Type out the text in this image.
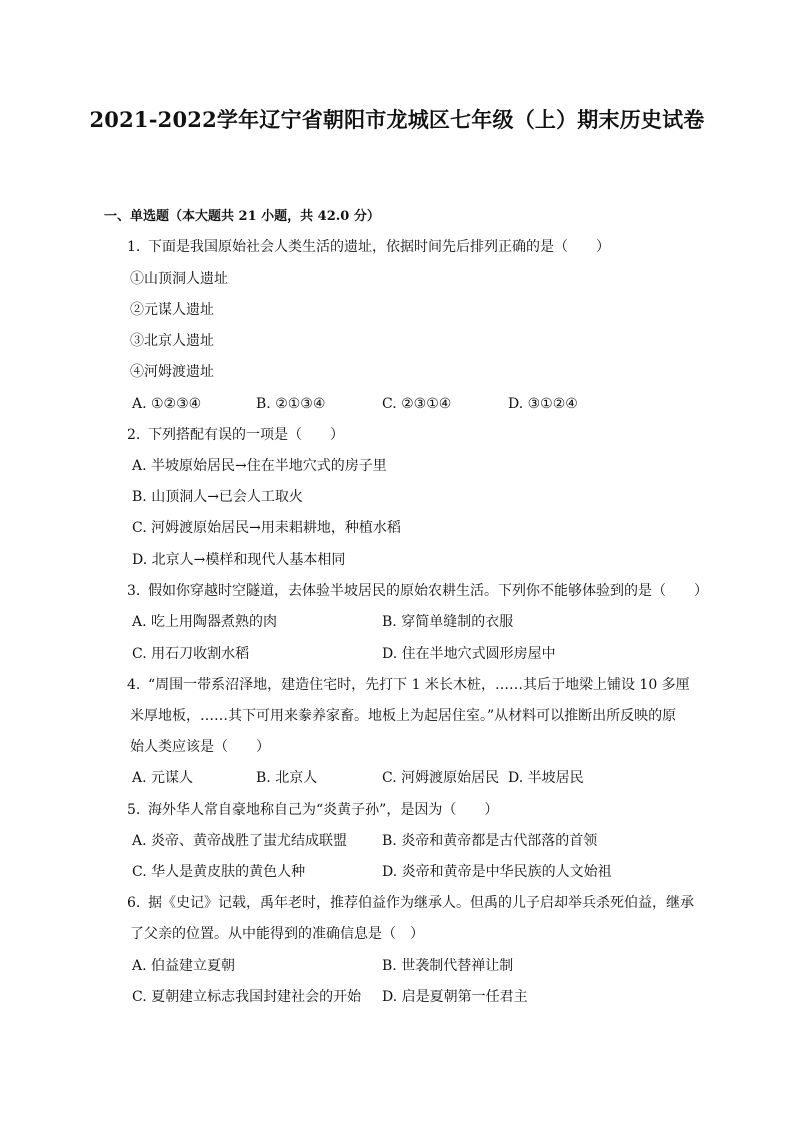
2021-2022学年辽宁省朝阳市龙城区七年级（上）期末历史试卷
一、单选题（本大题共 21 小题，共 42.0 分）
1. 下面是我国原始社会人类生活的遗址，依据时间先后排列正确的是（　　）
①山顶洞人遗址
②元谋人遗址
③北京人遗址
④河姆渡遗址
A. ①②③④	B. ②①③④	C. ②③①④	D. ③①②④
2. 下列搭配有误的一项是（　　）
A. 半坡原始居民→住在半地穴式的房子里
B. 山顶洞人→已会人工取火
C. 河姆渡原始居民→用耒耜耕地，种植水稻
D. 北京人→模样和现代人基本相同
3. 假如你穿越时空隧道，去体验半坡居民的原始农耕生活。下列你不能够体验到的是（　　）
A. 吃上用陶器煮熟的肉	B. 穿简单缝制的衣服
C. 用石刀收割水稻	D. 住在半地穴式圆形房屋中
4. “周围一带系沼泽地，建造住宅时，先打下 1 米长木桩，……其后于地梁上铺设 10 多厘
米厚地板，……其下可用来豢养家畜。地板上为起居住室。”从材料可以推断出所反映的原
始人类应该是（　　）
A. 元谋人	B. 北京人	C. 河姆渡原始居民 D. 半坡居民
5. 海外华人常自豪地称自己为“炎黄子孙”，是因为（　　）
A. 炎帝、黄帝战胜了蚩尤结成联盟 B. 炎帝和黄帝都是古代部落的首领
C. 华人是黄皮肤的黄色人种	D. 炎帝和黄帝是中华民族的人文始祖
6. 据《史记》记载，禹年老时，推荐伯益作为继承人。但禹的儿子启却举兵杀死伯益，继承
了父亲的位置。从中能得到的准确信息是（　）
A. 伯益建立夏朝	B. 世袭制代替禅让制
C. 夏朝建立标志我国封建社会的开始 D. 启是夏朝第一任君主
